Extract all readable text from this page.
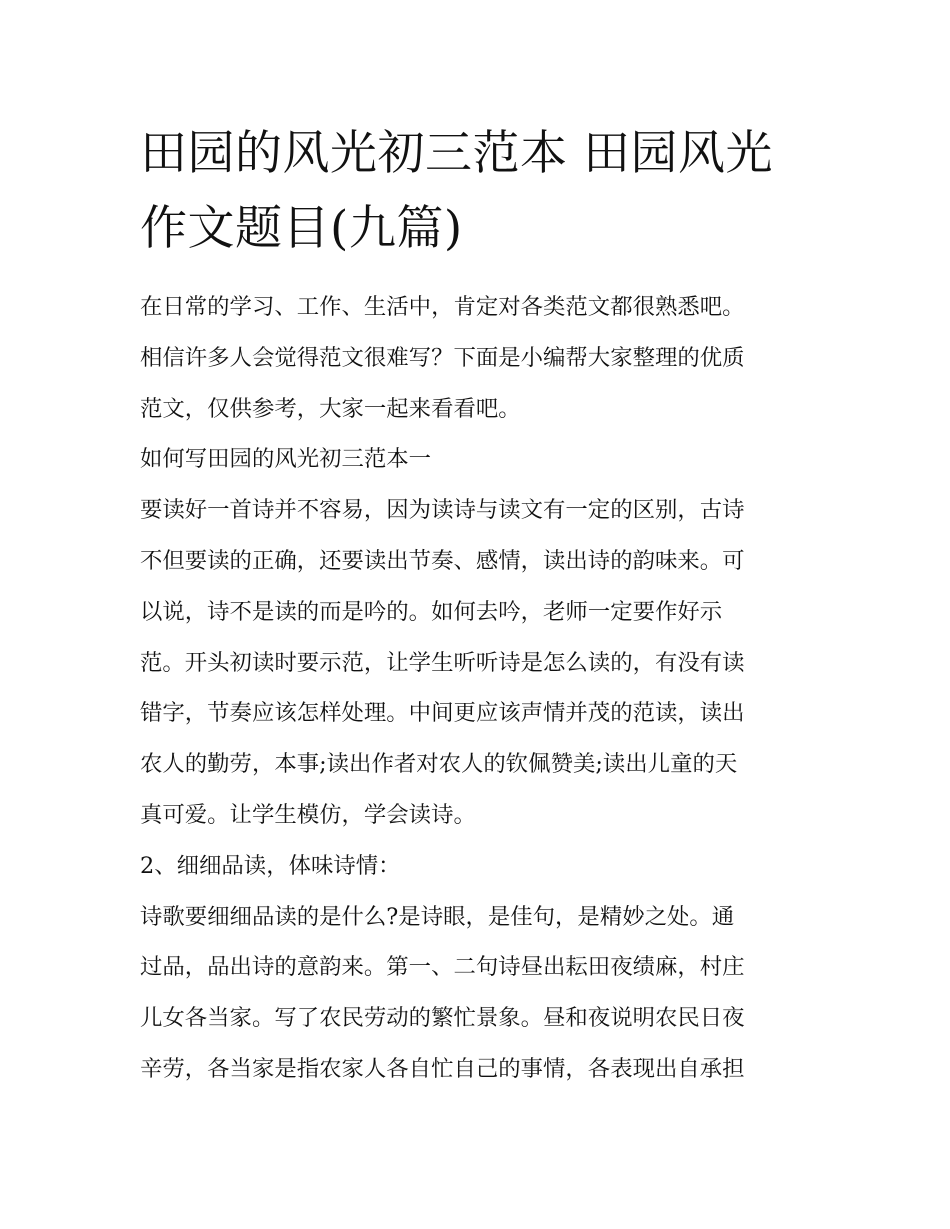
田园的风光初三范本 田园风光
作文题目(九篇)

在日常的学习、工作、生活中，肯定对各类范文都很熟悉吧。

相信许多人会觉得范文很难写？下面是小编帮大家整理的优质

范文，仅供参考，大家一起来看看吧。

如何写田园的风光初三范本一

要读好一首诗并不容易，因为读诗与读文有一定的区别，古诗

不但要读的正确，还要读出节奏、感情，读出诗的韵味来。可

以说，诗不是读的而是吟的。如何去吟，老师一定要作好示

范。开头初读时要示范，让学生听听诗是怎么读的，有没有读

错字，节奏应该怎样处理。中间更应该声情并茂的范读，读出

农人的勤劳，本事;读出作者对农人的钦佩赞美;读出儿童的天

真可爱。让学生模仿，学会读诗。

2、细细品读，体味诗情：

诗歌要细细品读的是什么?是诗眼，是佳句，是精妙之处。通

过品，品出诗的意韵来。第一、二句诗昼出耘田夜绩麻，村庄

儿女各当家。写了农民劳动的繁忙景象。昼和夜说明农民日夜

辛劳，各当家是指农家人各自忙自己的事情，各表现出自承担
